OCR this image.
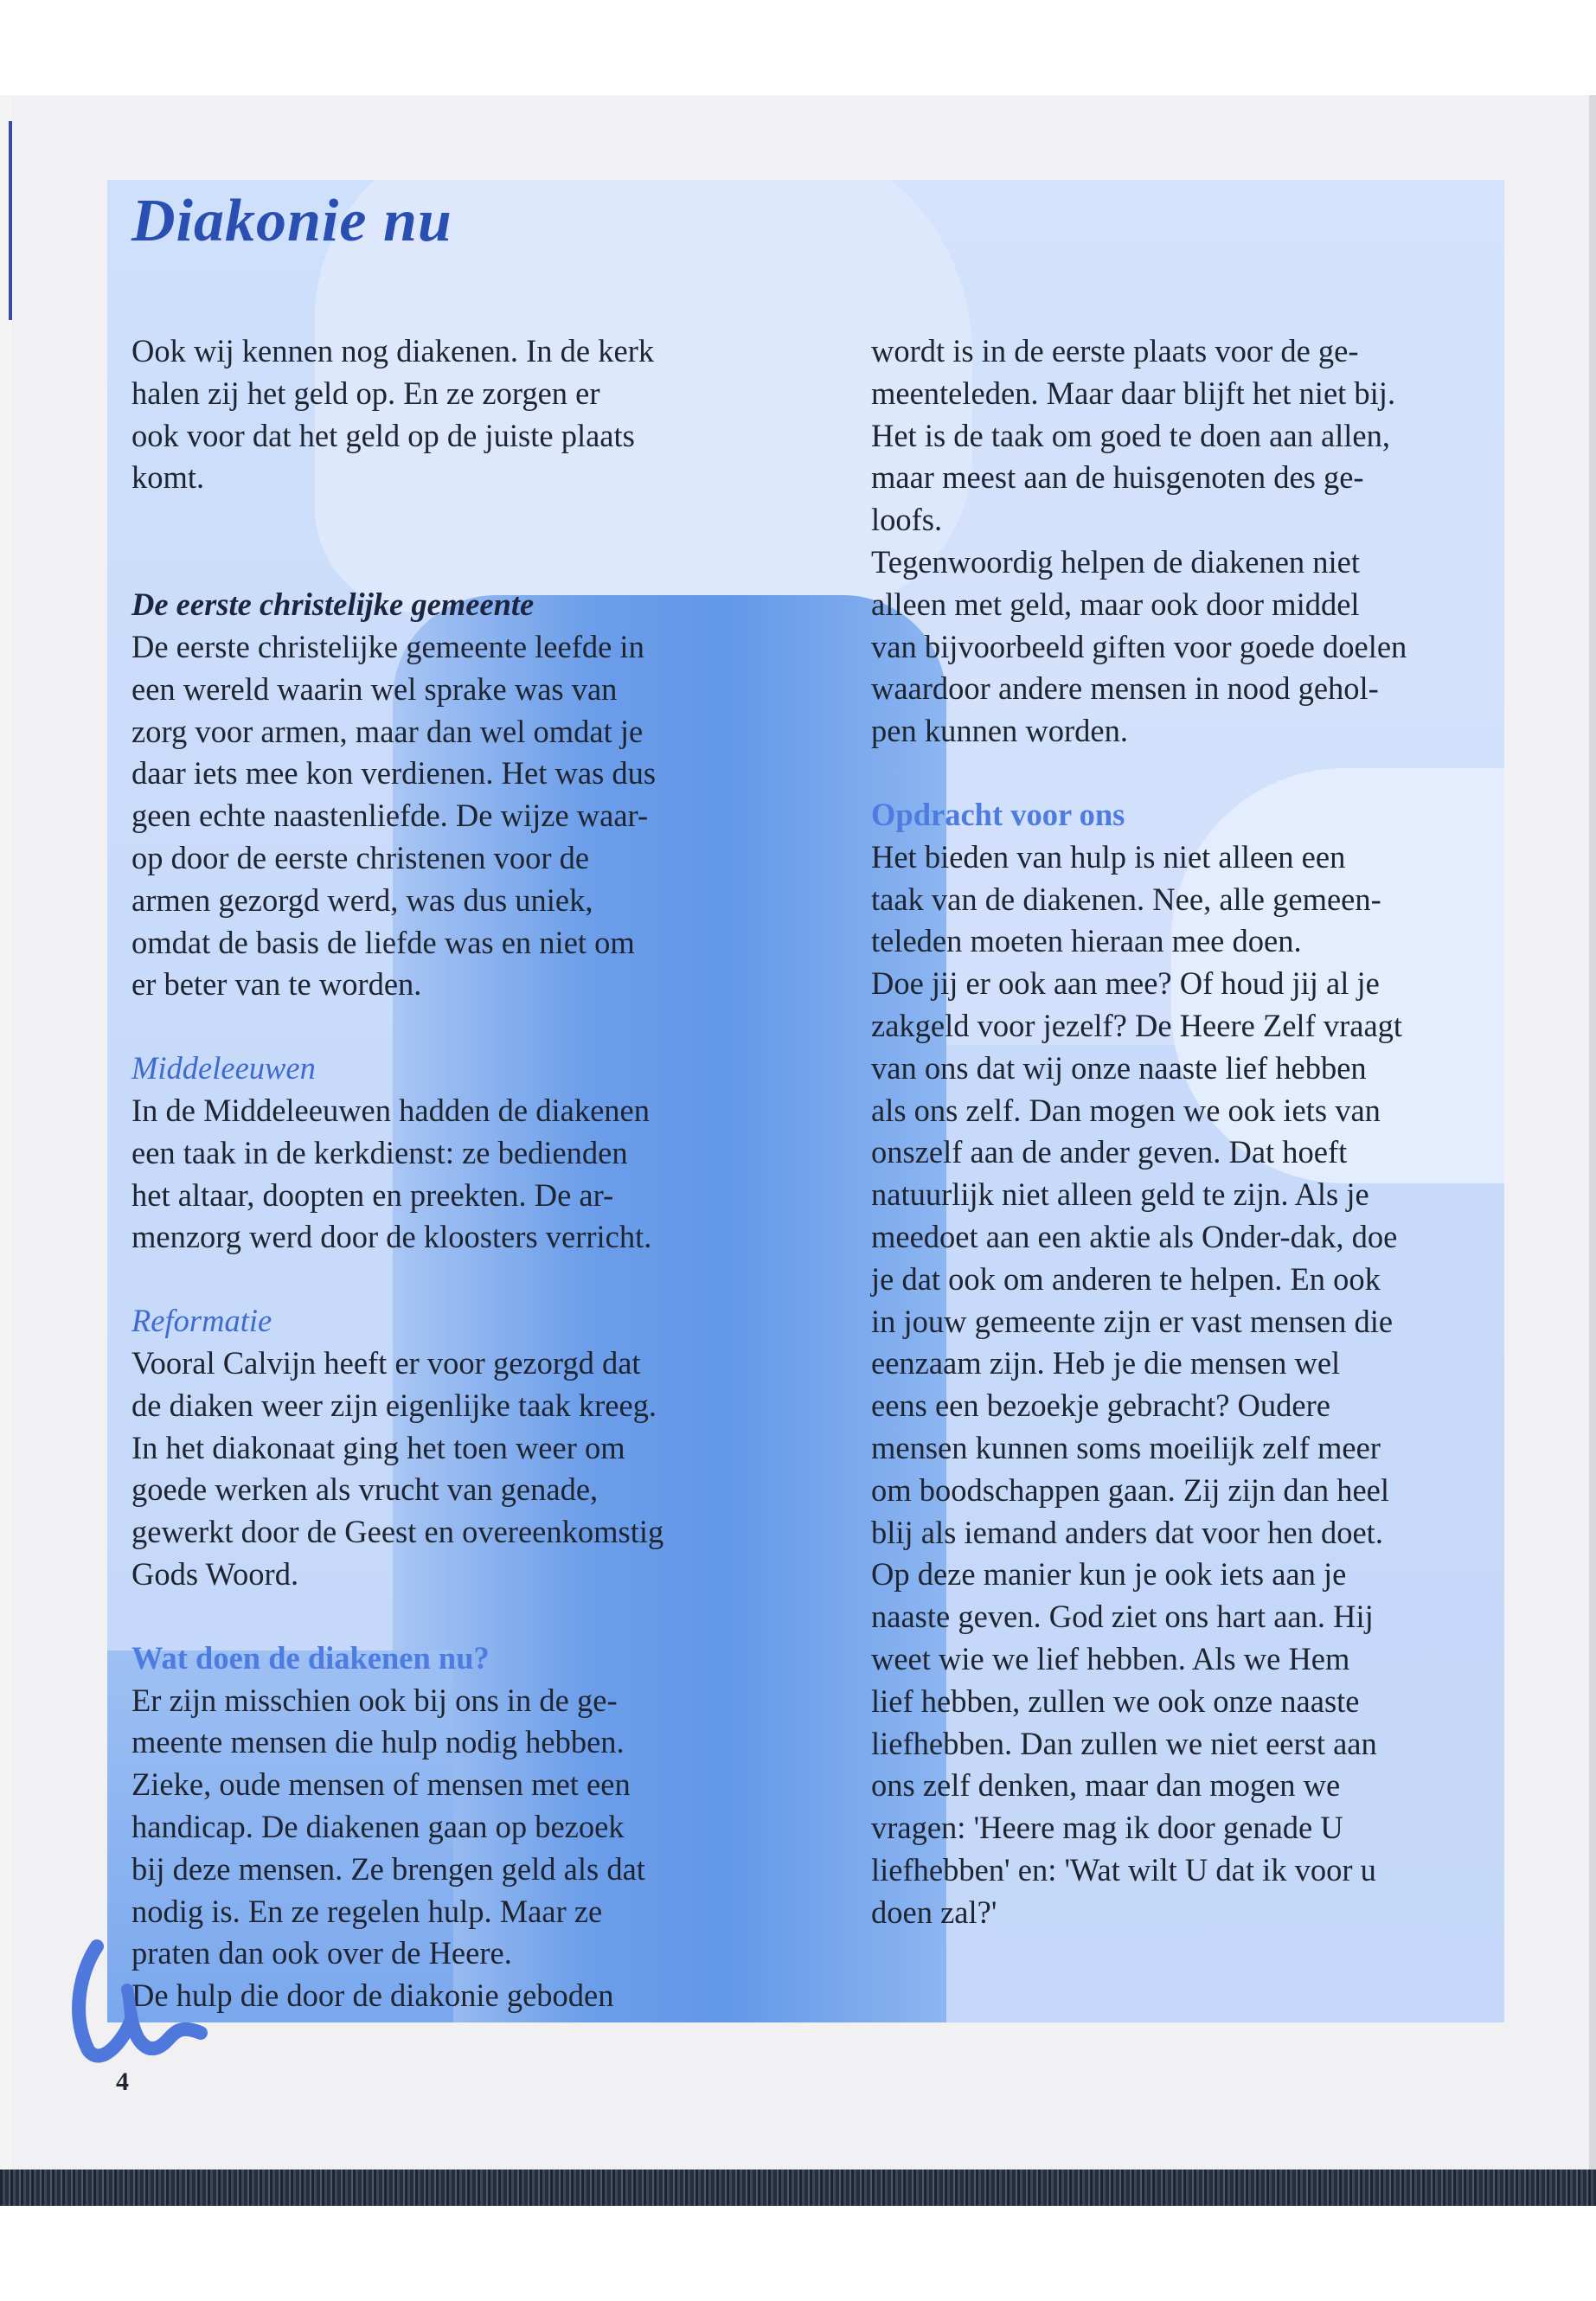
Diakonie nu

Ook wij kennen nog diakenen. In de kerk

halen zij het geld op. En ze zorgen er

ook voor dat het geld op de juiste plaats

komt.

De eerste christelijke gemeente

De eerste christelijke gemeente leefde in

een wereld waarin wel sprake was van

zorg voor armen, maar dan wel omdat je

daar iets mee kon verdienen. Het was dus

geen echte naastenliefde. De wijze waar-

op door de eerste christenen voor de

armen gezorgd werd, was dus uniek,

omdat de basis de liefde was en niet om

er beter van te worden.

Middeleeuwen

In de Middeleeuwen hadden de diakenen

een taak in de kerkdienst: ze bedienden

het altaar, doopten en preekten. De ar-

menzorg werd door de kloosters verricht.

Reformatie

Vooral Calvijn heeft er voor gezorgd dat

de diaken weer zijn eigenlijke taak kreeg.

In het diakonaat ging het toen weer om

goede werken als vrucht van genade,

gewerkt door de Geest en overeenkomstig

Gods Woord.

Wat doen de diakenen nu?

Er zijn misschien ook bij ons in de ge-

meente mensen die hulp nodig hebben.

Zieke, oude mensen of mensen met een

handicap. De diakenen gaan op bezoek

bij deze mensen. Ze brengen geld als dat

nodig is. En ze regelen hulp. Maar ze

praten dan ook over de Heere.

De hulp die door de diakonie geboden

wordt is in de eerste plaats voor de ge-

meenteleden. Maar daar blijft het niet bij.

Het is de taak om goed te doen aan allen,

maar meest aan de huisgenoten des ge-

loofs.

Tegenwoordig helpen de diakenen niet

alleen met geld, maar ook door middel

van bijvoorbeeld giften voor goede doelen

waardoor andere mensen in nood gehol-

pen kunnen worden.

Opdracht voor ons

Het bieden van hulp is niet alleen een

taak van de diakenen. Nee, alle gemeen-

teleden moeten hieraan mee doen.

Doe jij er ook aan mee? Of houd jij al je

zakgeld voor jezelf? De Heere Zelf vraagt

van ons dat wij onze naaste lief hebben

als ons zelf. Dan mogen we ook iets van

onszelf aan de ander geven. Dat hoeft

natuurlijk niet alleen geld te zijn. Als je

meedoet aan een aktie als Onder-dak, doe

je dat ook om anderen te helpen. En ook

in jouw gemeente zijn er vast mensen die

eenzaam zijn. Heb je die mensen wel

eens een bezoekje gebracht? Oudere

mensen kunnen soms moeilijk zelf meer

om boodschappen gaan. Zij zijn dan heel

blij als iemand anders dat voor hen doet.

Op deze manier kun je ook iets aan je

naaste geven. God ziet ons hart aan. Hij

weet wie we lief hebben. Als we Hem

lief hebben, zullen we ook onze naaste

liefhebben. Dan zullen we niet eerst aan

ons zelf denken, maar dan mogen we

vragen: 'Heere mag ik door genade U

liefhebben' en: 'Wat wilt U dat ik voor u

doen zal?'

4
